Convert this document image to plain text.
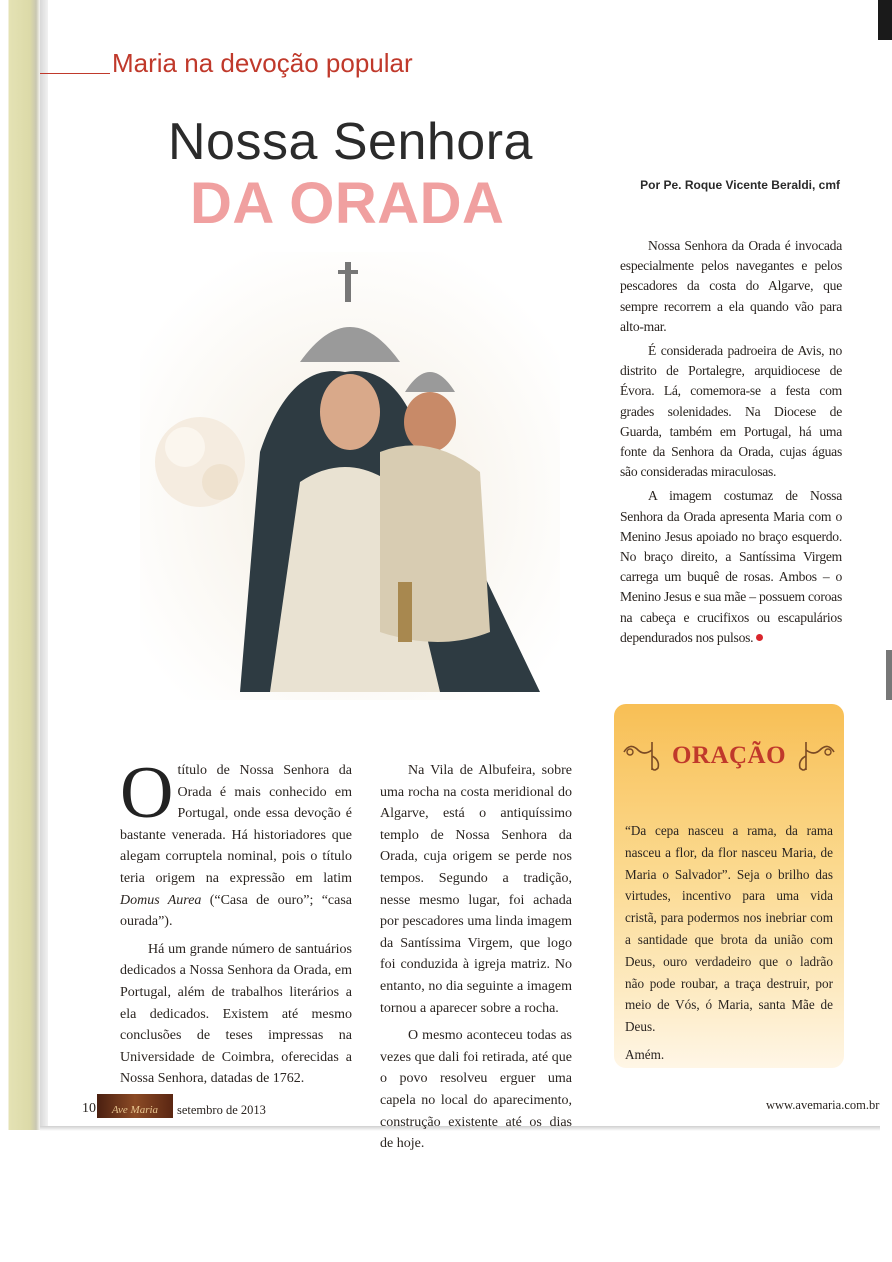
Maria na devoção popular
Nossa Senhora
DA ORADA	Por Pe. Roque Vicente Beraldi, cmf

Nossa Senhora da Orada é invocada especialmente pelos navegantes e pelos pescadores da costa do Algarve, que sempre recorrem a ela quando vão para alto-mar.

É considerada padroeira de Avis, no distrito de Portalegre, arquidiocese de Évora. Lá, comemora-se a festa com grades solenidades. Na Diocese de Guarda, também em Portugal, há uma fonte da Senhora da Orada, cujas águas são consideradas miraculosas.

A imagem costumaz de Nossa Senhora da Orada apresenta Maria com o Menino Jesus apoiado no braço esquerdo. No braço direito, a Santíssima Virgem carrega um buquê de rosas. Ambos – o Menino Jesus e sua mãe – possuem coroas na cabeça e crucifixos ou escapulários dependurados nos pulsos.

O título de Nossa Senhora da Orada é mais conhecido em Portugal, onde essa devoção é bastante venerada. Há historiadores que alegam corruptela nominal, pois o título teria origem na expressão em latim Domus Aurea (“Casa de ouro”; “casa ourada”).

Há um grande número de santuários dedicados a Nossa Senhora da Orada, em Portugal, além de trabalhos literários a ela dedicados. Existem até mesmo conclusões de teses impressas na Universidade de Coimbra, oferecidas a Nossa Senhora, datadas de 1762.

Na Vila de Albufeira, sobre uma rocha na costa meridional do Algarve, está o antiquíssimo templo de Nossa Senhora da Orada, cuja origem se perde nos tempos. Segundo a tradição, nesse mesmo lugar, foi achada por pescadores uma linda imagem da Santíssima Virgem, que logo foi conduzida à igreja matriz. No entanto, no dia seguinte a imagem tornou a aparecer sobre a rocha.

O mesmo aconteceu todas as vezes que dali foi retirada, até que o povo resolveu erguer uma capela no local do aparecimento, construção existente até os dias de hoje.

ORAÇÃO

“Da cepa nasceu a rama, da rama nasceu a flor, da flor nasceu Maria, de Maria o Salvador”. Seja o brilho das virtudes, incentivo para uma vida cristã, para podermos nos inebriar com a santidade que brota da união com Deus, ouro verdadeiro que o ladrão não pode roubar, a traça destruir, por meio de Vós, ó Maria, santa Mãe de Deus.

Amém.

10	Ave Maria	setembro de 2013	www.avemaria.com.br
